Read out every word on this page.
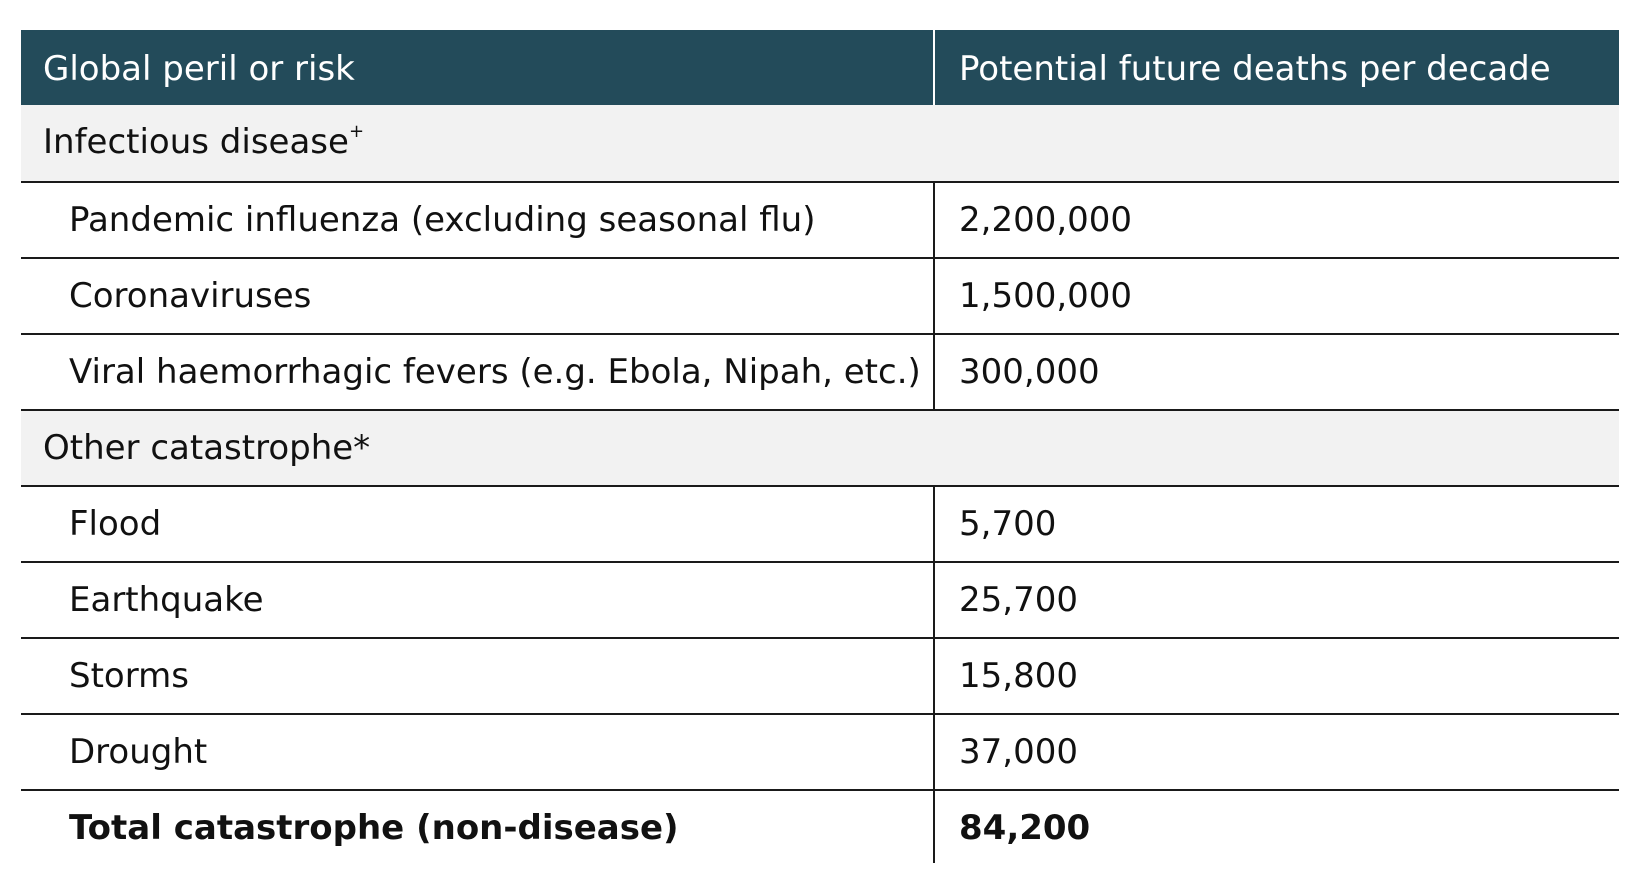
Global peril or risk	Potential future deaths per decade
Infectious disease+
Pandemic influenza (excluding seasonal flu)	2,200,000
Coronaviruses	1,500,000
Viral haemorrhagic fevers (e.g. Ebola, Nipah, etc.)	300,000
Other catastrophe*
Flood	5,700
Earthquake	25,700
Storms	15,800
Drought	37,000
Total catastrophe (non-disease)	84,200
